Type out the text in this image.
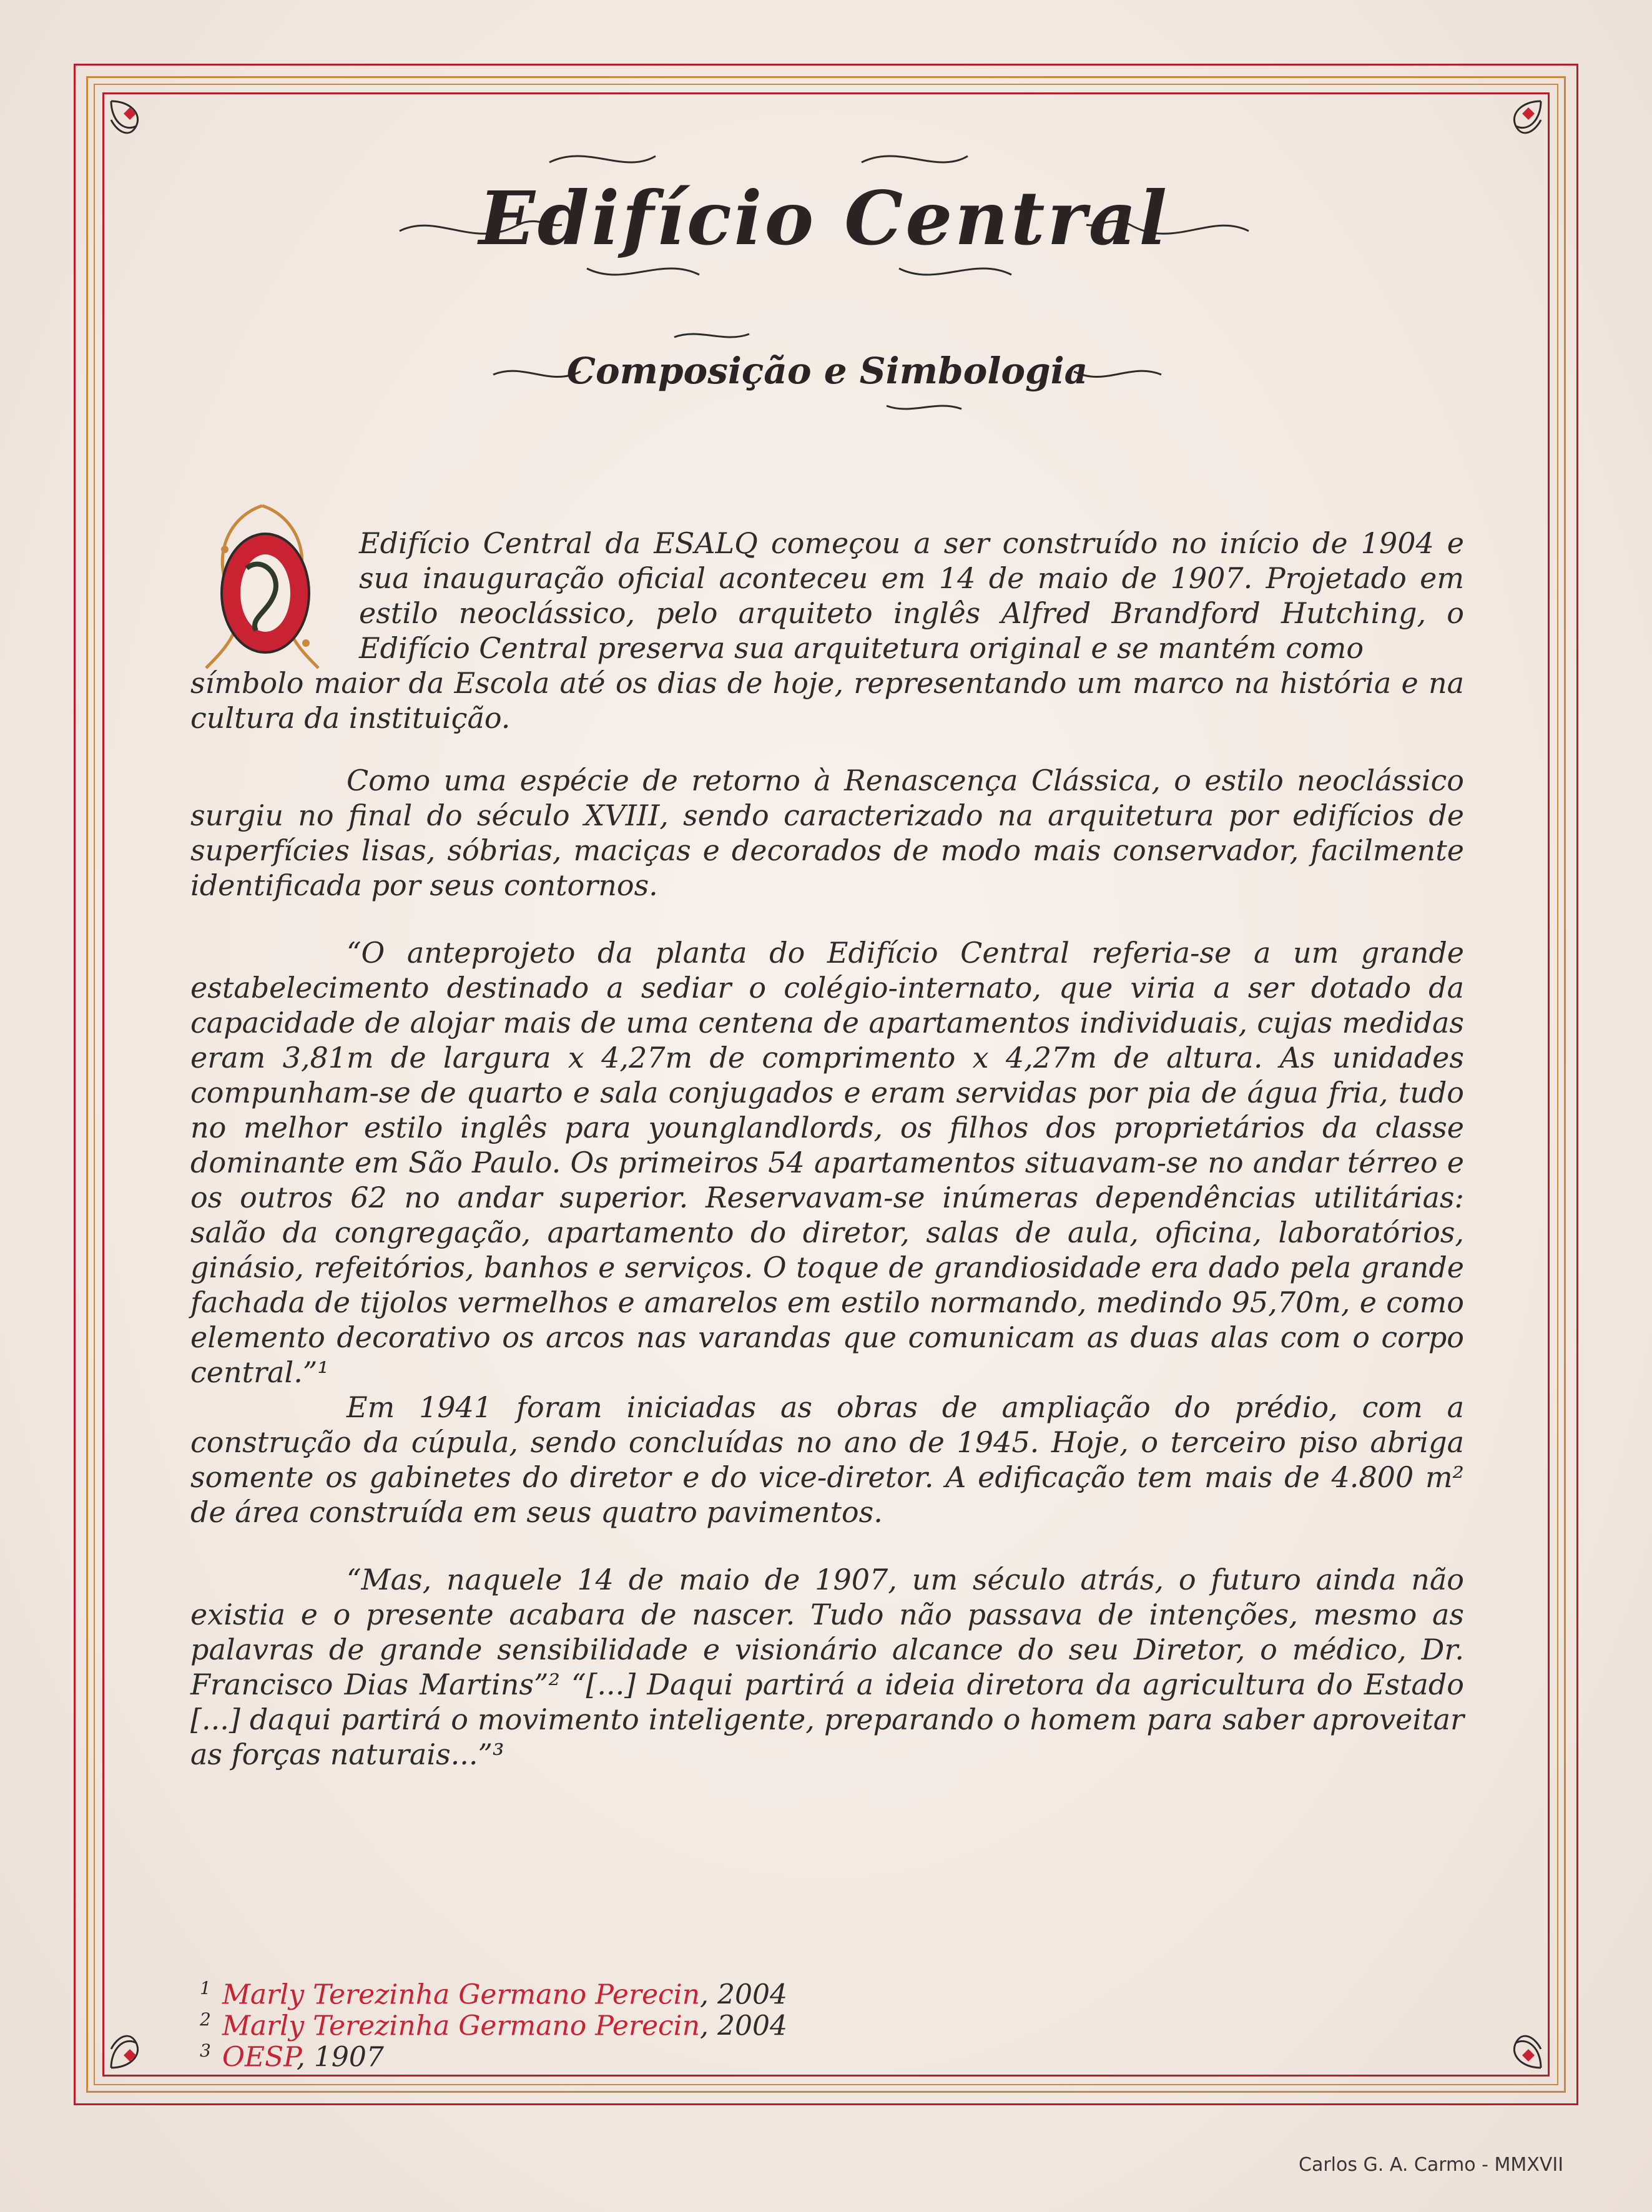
Edifício Central
Composição e Simbologia
Edifício Central da ESALQ começou a ser construído no início de 1904 e sua inauguração oficial aconteceu em 14 de maio de 1907. Projetado em estilo neoclássico, pelo arquiteto inglês Alfred Brandford Hutching, o Edifício Central preserva sua arquitetura original e se mantém como
símbolo maior da Escola até os dias de hoje, representando um marco na história e na cultura da instituição.
Como uma espécie de retorno à Renascença Clássica, o estilo neoclássico surgiu no final do século XVIII, sendo caracterizado na arquitetura por edifícios de superfícies lisas, sóbrias, maciças e decorados de modo mais conservador, facilmente identificada por seus contornos.
“O anteprojeto da planta do Edifício Central referia-se a um grande estabelecimento destinado a sediar o colégio-internato, que viria a ser dotado da capacidade de alojar mais de uma centena de apartamentos individuais, cujas medidas eram 3,81m de largura x 4,27m de comprimento x 4,27m de altura. As unidades compunham-se de quarto e sala conjugados e eram servidas por pia de água fria, tudo no melhor estilo inglês para younglandlords, os filhos dos proprietários da classe dominante em São Paulo. Os primeiros 54 apartamentos situavam-se no andar térreo e os outros 62 no andar superior. Reservavam-se inúmeras dependências utilitárias: salão da congregação, apartamento do diretor, salas de aula, oficina, laboratórios, ginásio, refeitórios, banhos e serviços. O toque de grandiosidade era dado pela grande fachada de tijolos vermelhos e amarelos em estilo normando, medindo 95,70m, e como elemento decorativo os arcos nas varandas que comunicam as duas alas com o corpo central.”¹
Em 1941 foram iniciadas as obras de ampliação do prédio, com a construção da cúpula, sendo concluídas no ano de 1945. Hoje, o terceiro piso abriga somente os gabinetes do diretor e do vice-diretor. A edificação tem mais de 4.800 m² de área construída em seus quatro pavimentos.
“Mas, naquele 14 de maio de 1907, um século atrás, o futuro ainda não existia e o presente acabara de nascer. Tudo não passava de intenções, mesmo as palavras de grande sensibilidade e visionário alcance do seu Diretor, o médico, Dr. Francisco Dias Martins”² “[...] Daqui partirá a ideia diretora da agricultura do Estado [...] daqui partirá o movimento inteligente, preparando o homem para saber aproveitar as forças naturais...”³
$^1$ Marly Terezinha Germano Perecin, 2004
$^2$ Marly Terezinha Germano Perecin, 2004
$^3$ OESP, 1907
Carlos G. A. Carmo - MMXVII
